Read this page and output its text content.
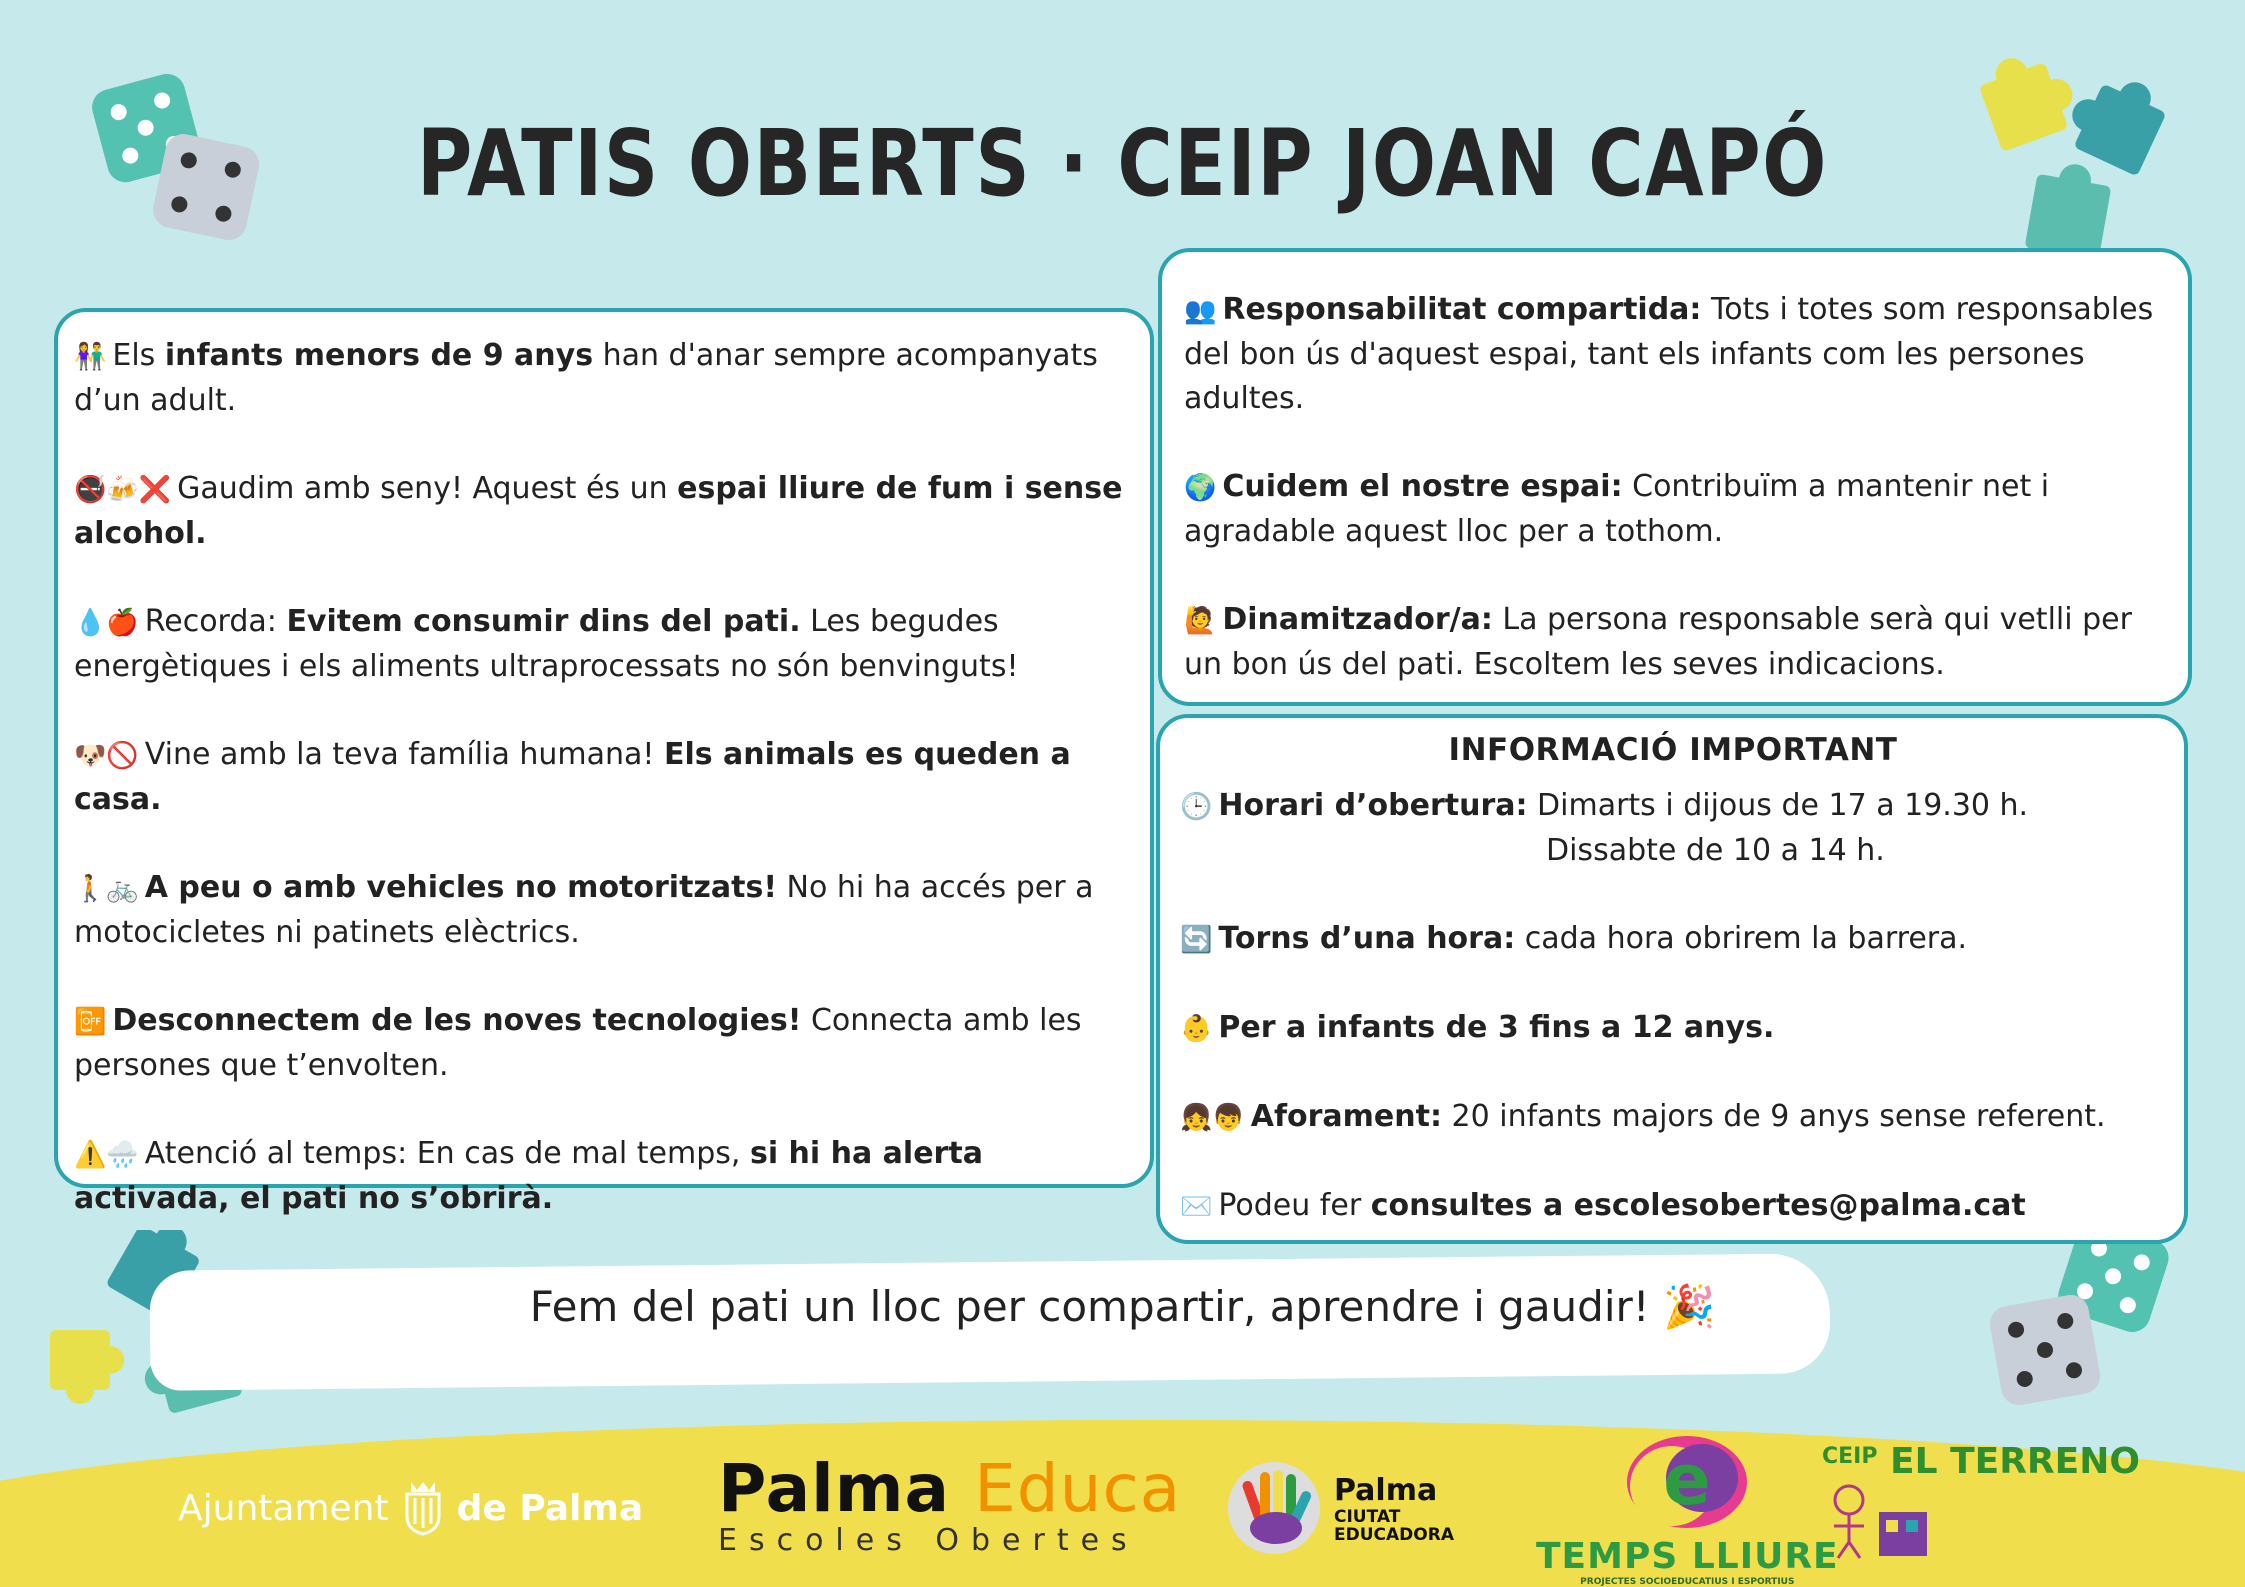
PATIS OBERTS · CEIP JOAN CAPÓ
👫 Els infants menors de 9 anys han d'anar sempre acompanyats d’un adult.
🚭🍻❌ Gaudim amb seny! Aquest és un espai lliure de fum i sense alcohol.
💧🍎 Recorda: Evitem consumir dins del pati. Les begudes energètiques i els aliments ultraprocessats no són benvinguts!
🐶🚫 Vine amb la teva família humana! Els animals es queden a casa.
🚶🚲 A peu o amb vehicles no motoritzats! No hi ha accés per a motocicletes ni patinets elèctrics.
📴 Desconnectem de les noves tecnologies! Connecta amb les persones que t’envolten.
⚠️🌧️ Atenció al temps: En cas de mal temps, si hi ha alerta activada, el pati no s’obrirà.
👥 Responsabilitat compartida: Tots i totes som responsables del bon ús d'aquest espai, tant els infants com les persones adultes.
🌍 Cuidem el nostre espai: Contribuïm a mantenir net i agradable aquest lloc per a tothom.
🙋 Dinamitzador/a: La persona responsable serà qui vetlli per un bon ús del pati. Escoltem les seves indicacions.
INFORMACIÓ IMPORTANT
🕒 Horari d’obertura: Dimarts i dijous de 17 a 19.30 h.
Dissabte de 10 a 14 h.
🔄 Torns d’una hora: cada hora obrirem la barrera.
👶 Per a infants de 3 fins a 12 anys.
👧👦 Aforament: 20 infants majors de 9 anys sense referent.
✉️ Podeu fer consultes a escolesobertes@palma.cat
Fem del pati un lloc per compartir, aprendre i gaudir! 🎉
Ajuntament de Palma Palma Educa
Escoles Obertes
Palma
CIUTAT
EDUCADORA
e
TEMPS LLIURE
PROJECTES SOCIOEDUCATIUS I ESPORTIUS
CEIP EL TERRENO
